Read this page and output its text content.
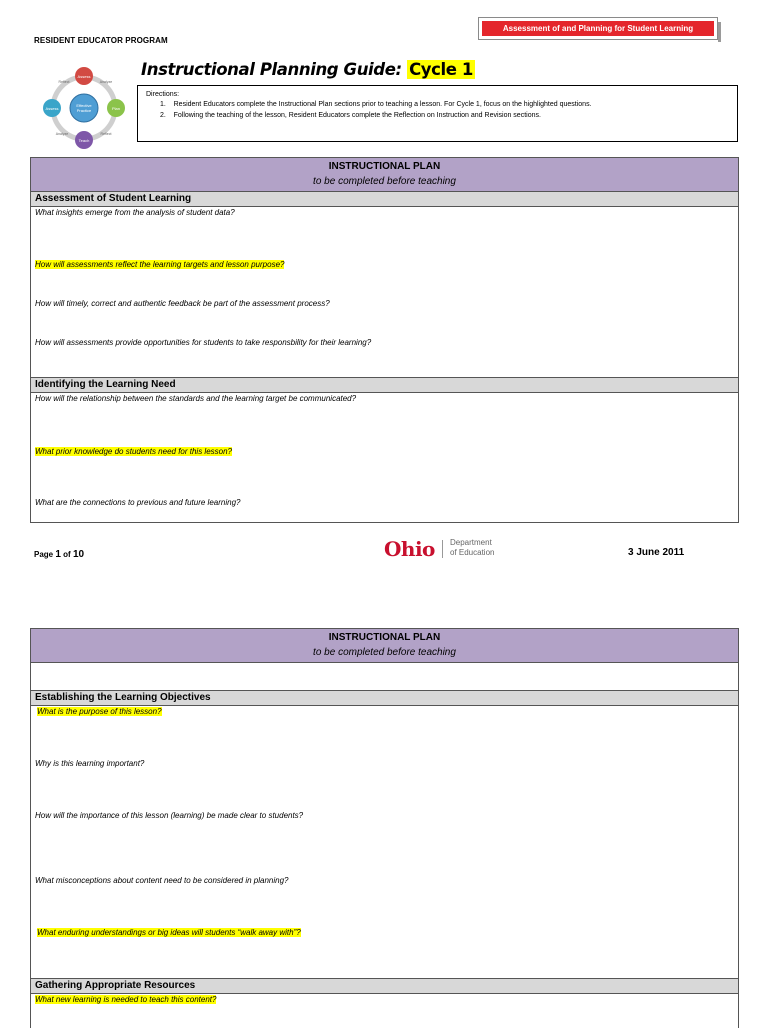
RESIDENT EDUCATOR PROGRAM
Assessment of and Planning for Student Learning
Effective
Practice
Assess
Plan
Teach
Assess
Reflect	Analyze
Reflect
Analyze
Instructional Planning Guide: Cycle 1
Directions:
1.    Resident Educators complete the Instructional Plan sections prior to teaching a lesson. For Cycle 1, focus on the highlighted questions.
2.    Following the teaching of the lesson, Resident Educators complete the Reflection on Instruction and Revision sections.
INSTRUCTIONAL PLAN
to be completed before teaching
Assessment of Student Learning
What insights emerge from the analysis of student data?
How will assessments reflect the learning targets and lesson purpose?
How will timely, correct and authentic feedback be part of the assessment process?
How will assessments provide opportunities for students to take responsbility for their learning?
Identifying the Learning Need
How will the relationship between the standards and the learning target be communicated?
What prior knowledge do students need for this lesson?
What are the connections to previous and future learning?
Page 1 of 10	Ohio Department
of Education	3 June 2011
INSTRUCTIONAL PLAN
to be completed before teaching
Establishing the Learning Objectives
What is the purpose of this lesson?
Why is this learning important?
How will the importance of this lesson (learning) be made clear to students?
What misconceptions about content need to be considered in planning?
What enduring understandings or big ideas will students “walk away with”?
Gathering Appropriate Resources
What new learning is needed to teach this content?
